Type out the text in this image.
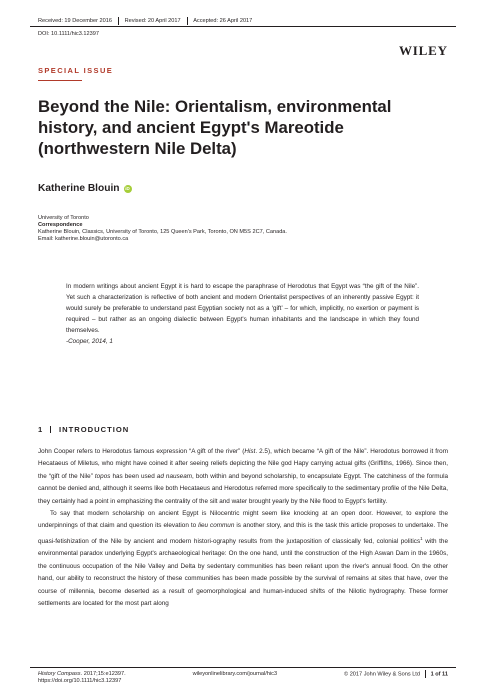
Received: 19 December 2016 Revised: 20 April 2017 Accepted: 26 April 2017
DOI: 10.1111/hic3.12397
WILEY
SPECIAL ISSUE
Beyond the Nile: Orientalism, environmental
history, and ancient Egypt's Mareotide
(northwestern Nile Delta)
Katherine Blouin	iD
University of Toronto
Correspondence
Katherine Blouin, Classics, University of Toronto, 125 Queen's Park, Toronto, ON M5S 2C7, Canada.
Email: katherine.blouin@utoronto.ca
In modern writings about ancient Egypt it is hard to escape the paraphrase of Herodotus that Egypt was “the gift of the Nile”. Yet such a characterization is reflective of both ancient and modern Orientalist perspectives of an inherently passive Egypt: it would surely be preferable to understand past Egyptian society not as a ‘gift’ – for which, implicitly, no exertion or payment is required – but rather as an ongoing dialectic between Egypt's human inhabitants and the landscape in which they found themselves.
-Cooper, 2014, 1
1 INTRODUCTION

John Cooper refers to Herodotus famous expression “A gift of the river” (Hist. 2.5), which became “A gift of the Nile”. Herodotus borrowed it from Hecataeus of Miletus, who might have coined it after seeing reliefs depicting the Nile god Hapy carrying actual gifts (Griffiths, 1966). Since then, the “gift of the Nile” topos has been used ad nauseam, both within and beyond scholarship, to encapsulate Egypt. The catchiness of the formula cannot be denied and, although it seems like both Hecataeus and Herodotus referred more specifically to the sedimentary profile of the Nile Delta, they certainly had a point in emphasizing the centrality of the silt and water brought yearly by the Nile flood to Egypt's fertility.

To say that modern scholarship on ancient Egypt is Nilocentric might seem like knocking at an open door. However, to explore the underpinnings of that claim and question its elevation to lieu commun is another story, and this is the task this article proposes to undertake. The quasi-fetishization of the Nile by ancient and modern histori-ography results from the juxtaposition of classically fed, colonial politics$^1$ with the environmental paradox underlying Egypt's archaeological heritage: On the one hand, until the construction of the High Aswan Dam in the 1960s, the continuous occupation of the Nile Valley and Delta by sedentary communities has been reliant upon the river's annual flood. On the other hand, our ability to reconstruct the history of these communities has been made possible by the survival of remains at sites that have, over the course of millennia, become deserted as a result of geomorphological and human-induced shifts of the Nilotic hydrography. These former settlements are located for the most part along

History Compass. 2017;15:e12397.	wileyonlinelibrary.com/journal/hic3	© 2017 John Wiley & Sons Ltd 1 of 11
https://doi.org/10.1111/hic3.12397
